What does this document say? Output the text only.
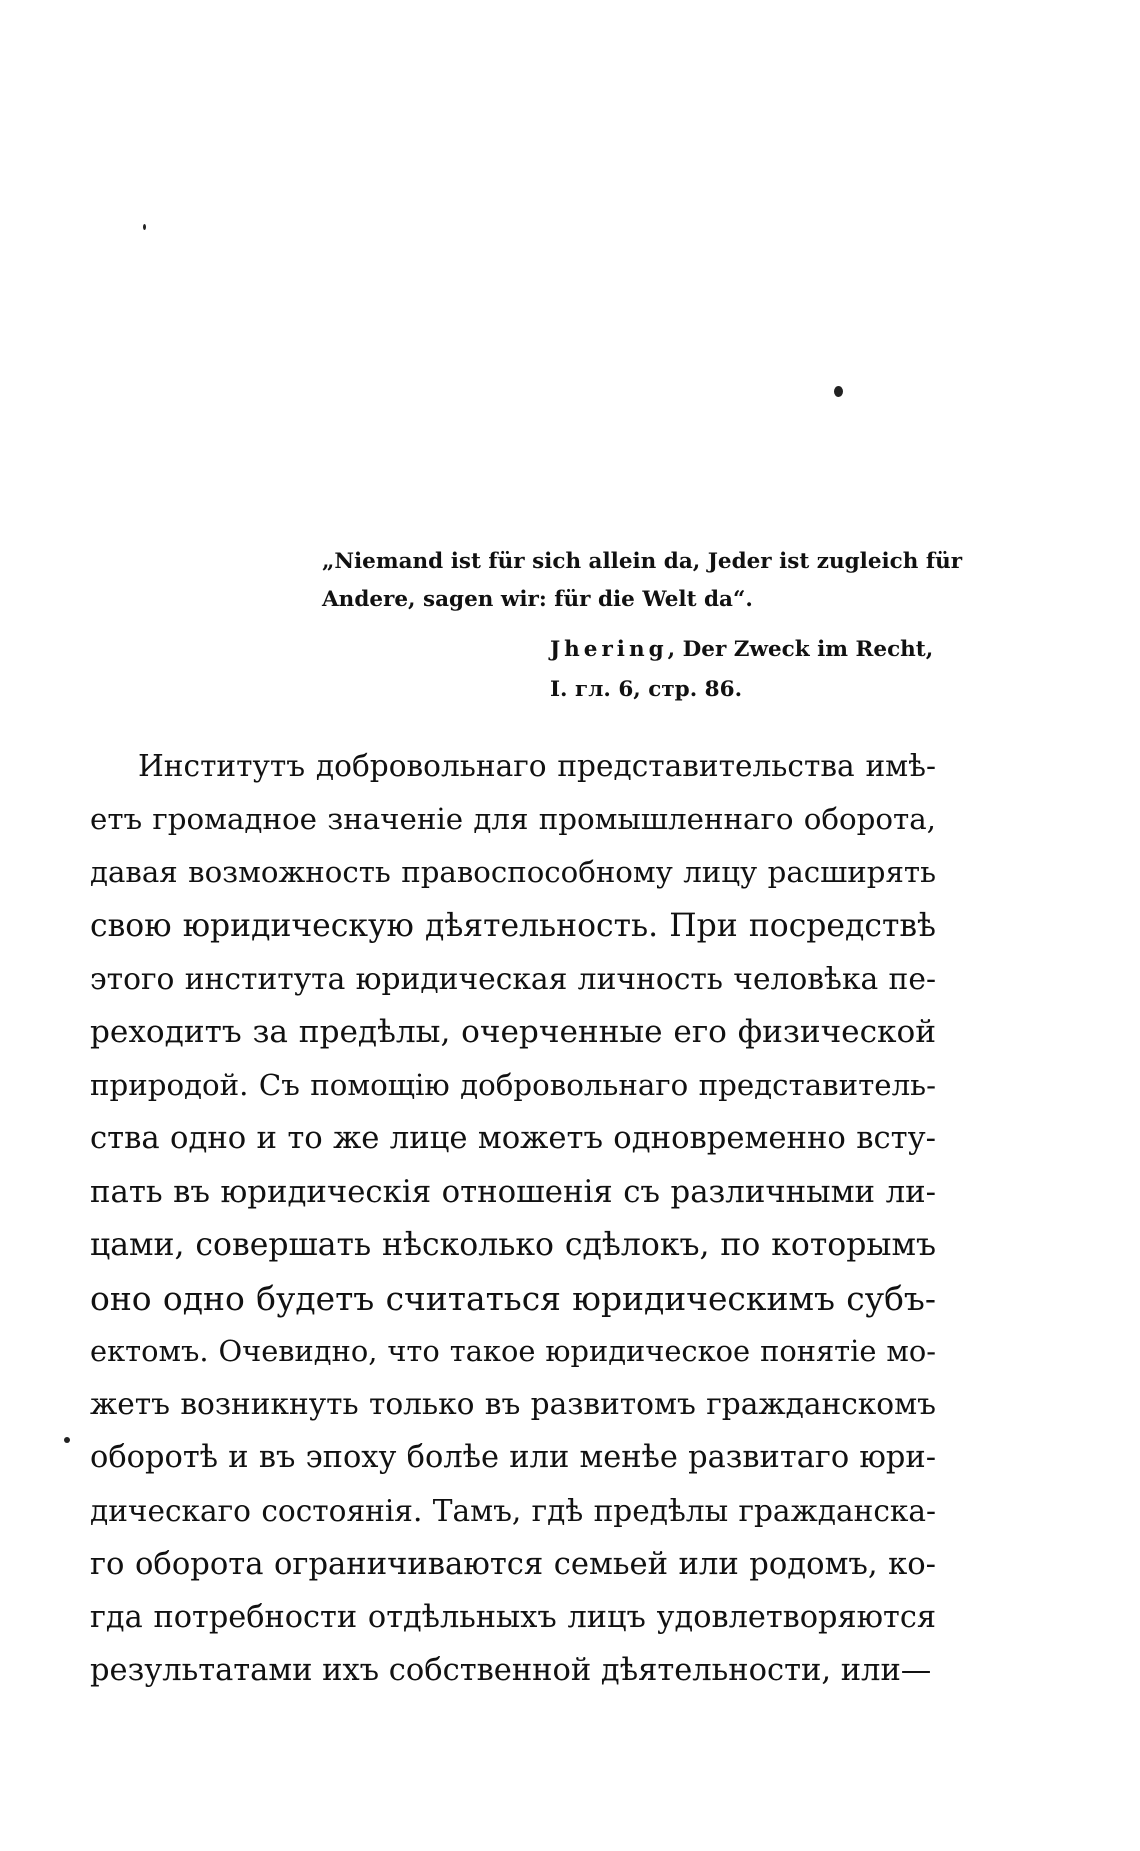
„Niemand ist für sich allein da, Jeder ist zugleich für
Andere, sagen wir: für die Welt da“.
Jhering, Der Zweck im Recht,
I. гл. 6, стр. 86.
Институтъ добровольнаго представительства имѣ-
етъ громадное значенiе для промышленнаго оборота,
давая возможность правоспособному лицу расширять
свою юридическую дѣятельность. При посредствѣ
этого института юридическая личность человѣка пе-
реходитъ за предѣлы, очерченные его физической
природой. Съ помощiю добровольнаго представитель-
ства одно и то же лице можетъ одновременно всту-
пать въ юридическiя отношенiя съ различными ли-
цами, совершать нѣсколько сдѣлокъ, по которымъ
оно одно будетъ считаться юридическимъ субъ-
ектомъ. Очевидно, что такое юридическое понятiе мо-
жетъ возникнуть только въ развитомъ гражданскомъ
оборотѣ и въ эпоху болѣе или менѣе развитаго юри-
дическаго состоянiя. Тамъ, гдѣ предѣлы гражданска-
го оборота ограничиваются семьей или родомъ, ко-
гда потребности отдѣльныхъ лицъ удовлетворяются
результатами ихъ собственной дѣятельности, или—
